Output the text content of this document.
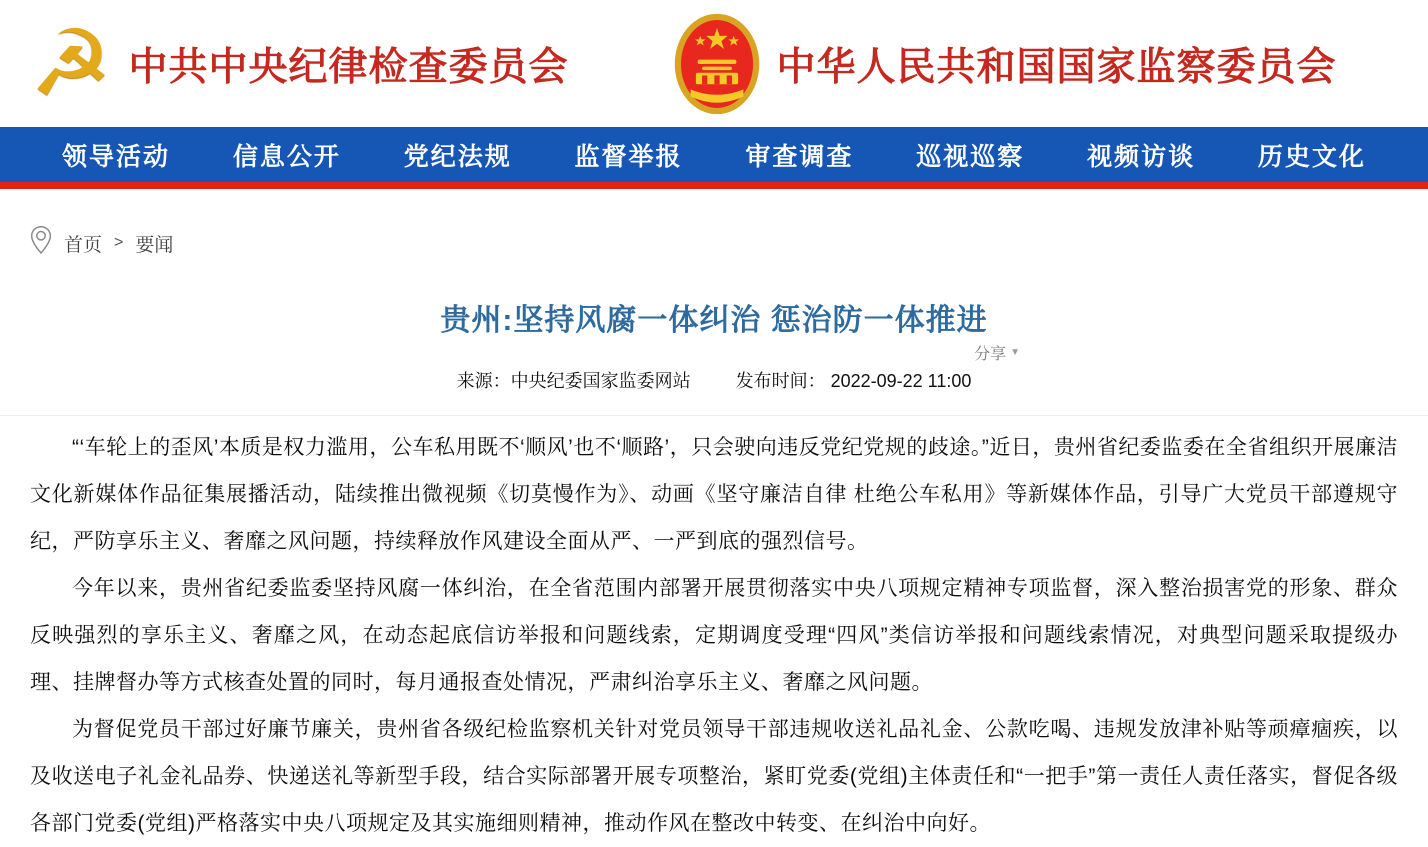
☭ 中共中央纪律检查委员会	中华人民共和国国家监察委员会
领导活动	信息公开	党纪法规	监督举报	审查调查	巡视巡察	视频访谈	历史文化
首页 > 要闻
贵州:坚持风腐一体纠治 惩治防一体推进
来源：中央纪委国家监委网站	发布时间： 2022-09-22 11:00
分享 ▼

“‘车轮上的歪风’本质是权力滥用，公车私用既不‘顺风’也不‘顺路’，只会驶向违反党纪党规的歧途。”近日，贵州省纪委监委在全省组织开展廉洁文化新媒体作品征集展播活动，陆续推出微视频《切莫慢作为》、动画《坚守廉洁自律 杜绝公车私用》等新媒体作品，引导广大党员干部遵规守纪，严防享乐主义、奢靡之风问题，持续释放作风建设全面从严、一严到底的强烈信号。

今年以来，贵州省纪委监委坚持风腐一体纠治，在全省范围内部署开展贯彻落实中央八项规定精神专项监督，深入整治损害党的形象、群众反映强烈的享乐主义、奢靡之风，在动态起底信访举报和问题线索，定期调度受理“四风”类信访举报和问题线索情况，对典型问题采取提级办理、挂牌督办等方式核查处置的同时，每月通报查处情况，严肃纠治享乐主义、奢靡之风问题。

为督促党员干部过好廉节廉关，贵州省各级纪检监察机关针对党员领导干部违规收送礼品礼金、公款吃喝、违规发放津补贴等顽瘴痼疾，以及收送电子礼金礼品券、快递送礼等新型手段，结合实际部署开展专项整治，紧盯党委(党组)主体责任和“一把手”第一责任人责任落实，督促各级各部门党委(党组)严格落实中央八项规定及其实施细则精神，推动作风在整改中转变、在纠治中向好。
